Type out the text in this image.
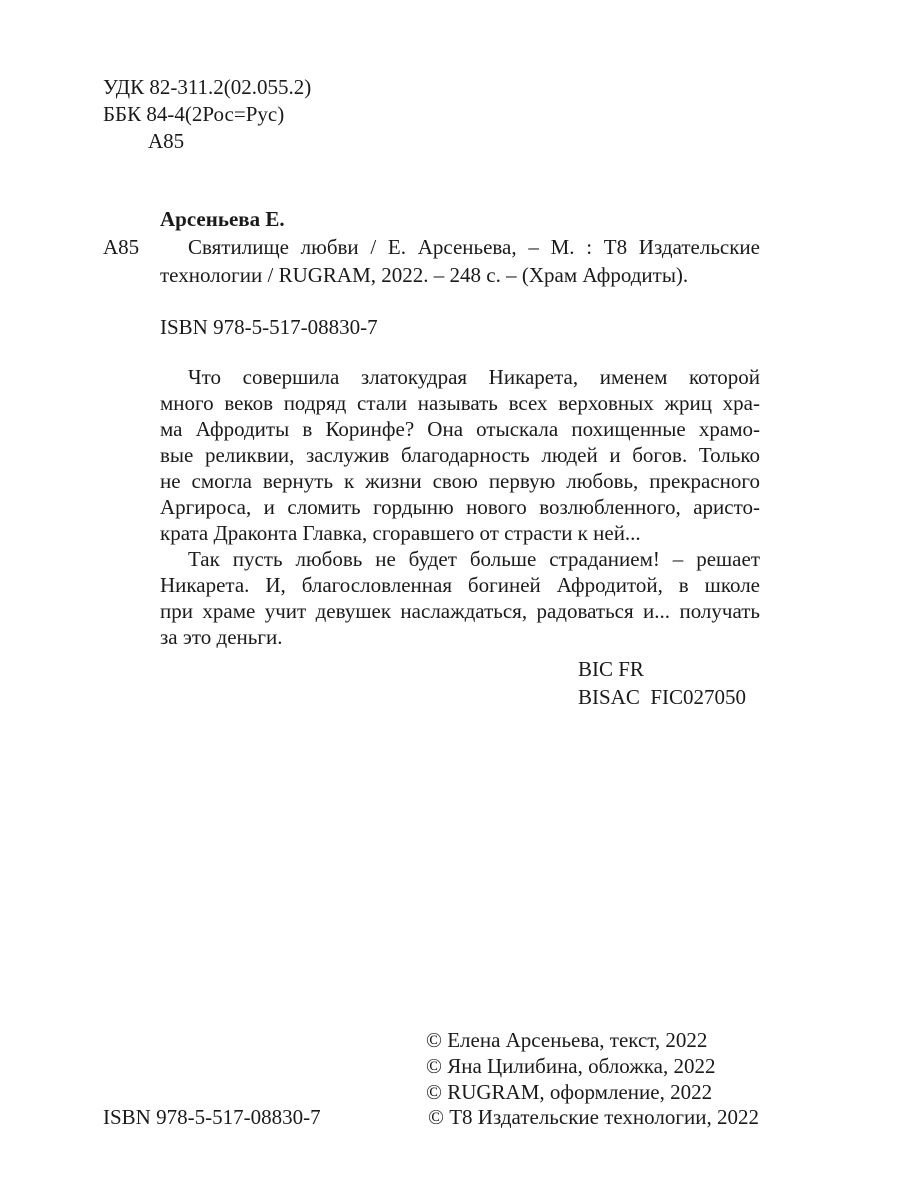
УДК 82-311.2(02.055.2)
ББК 84-4(2Рос=Рус)
А85
Арсеньева Е.
А85 Святилище любви / Е. Арсеньева, – М. : Т8 Издательские
технологии / RUGRAM, 2022. – 248 с. – (Храм Афродиты).
ISBN 978-5-517-08830-7
Что совершила златокудрая Никарета, именем которой
много веков подряд стали называть всех верховных жриц хра-
ма Афродиты в Коринфе? Она отыскала похищенные храмо-
вые реликвии, заслужив благодарность людей и богов. Только
не смогла вернуть к жизни свою первую любовь, прекрасного
Аргироса, и сломить гордыню нового возлюбленного, аристо-
крата Драконта Главка, сгоравшего от страсти к ней...
Так пусть любовь не будет больше страданием! – решает
Никарета. И, благословленная богиней Афродитой, в школе
при храме учит девушек наслаждаться, радоваться и... получать
за это деньги.
BIC FR
BISAC  FIC027050
© Елена Арсеньева, текст, 2022
© Яна Цилибина, обложка, 2022
© RUGRAM, оформление, 2022
ISBN 978-5-517-08830-7	© Т8 Издательские технологии, 2022
